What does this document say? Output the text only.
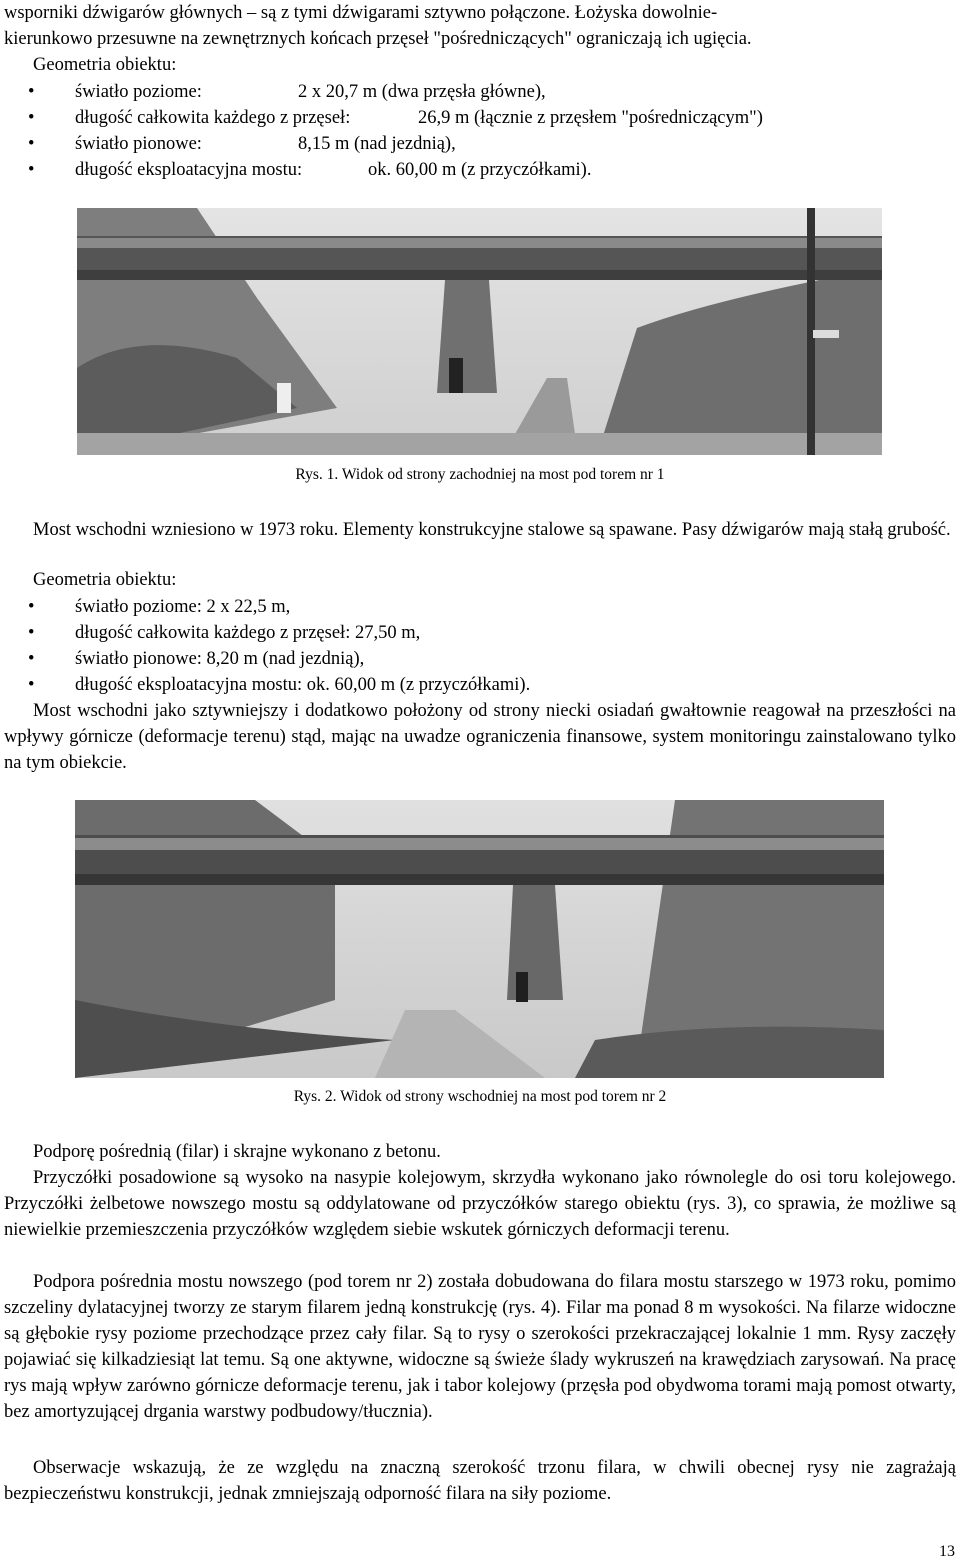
wsporniki dźwigarów głównych – są z tymi dźwigarami sztywno połączone. Łożyska dowolnie-
kierunkowo przesuwne na zewnętrznych końcach przęseł "pośredniczących" ograniczają ich ugięcia.
Geometria obiektu:
• światło poziome:	2 x 20,7 m (dwa przęsła główne),
• długość całkowita każdego z przęseł:	26,9 m (łącznie z przęsłem "pośredniczącym")
• światło pionowe:	8,15 m (nad jezdnią),
• długość eksploatacyjna mostu:	ok. 60,00 m (z przyczółkami).
Rys. 1. Widok od strony zachodniej na most pod torem nr 1
Most wschodni wzniesiono w 1973 roku. Elementy konstrukcyjne stalowe są spawane. Pasy dźwigarów mają stałą grubość.
Geometria obiektu:
• światło poziome: 2 x 22,5 m,
• długość całkowita każdego z przęseł: 27,50 m,
• światło pionowe: 8,20 m (nad jezdnią),
• długość eksploatacyjna mostu: ok. 60,00 m (z przyczółkami).
Most wschodni jako sztywniejszy i dodatkowo położony od strony niecki osiadań gwałtownie reagował na przeszłości na wpływy górnicze (deformacje terenu) stąd, mając na uwadze ograniczenia finansowe, system monitoringu zainstalowano tylko na tym obiekcie.
Rys. 2. Widok od strony wschodniej na most pod torem nr 2
Podporę pośrednią (filar) i skrajne wykonano z betonu.
Przyczółki posadowione są wysoko na nasypie kolejowym, skrzydła wykonano jako równolegle do osi toru kolejowego. Przyczółki żelbetowe nowszego mostu są oddylatowane od przyczółków starego obiektu (rys. 3), co sprawia, że możliwe są niewielkie przemieszczenia przyczółków względem siebie wskutek górniczych deformacji terenu.
Podpora pośrednia mostu nowszego (pod torem nr 2) została dobudowana do filara mostu starszego w 1973 roku, pomimo szczeliny dylatacyjnej tworzy ze starym filarem jedną konstrukcję (rys. 4). Filar ma ponad 8 m wysokości. Na filarze widoczne są głębokie rysy poziome przechodzące przez cały filar. Są to rysy o szerokości przekraczającej lokalnie 1 mm. Rysy zaczęły pojawiać się kilkadziesiąt lat temu. Są one aktywne, widoczne są świeże ślady wykruszeń na krawędziach zarysowań. Na pracę rys mają wpływ zarówno górnicze deformacje terenu, jak i tabor kolejowy (przęsła pod obydwoma torami mają pomost otwarty, bez amortyzującej drgania warstwy podbudowy/tłucznia).
Obserwacje wskazują, że ze względu na znaczną szerokość trzonu filara, w chwili obecnej rysy nie zagrażają bezpieczeństwu konstrukcji, jednak zmniejszają odporność filara na siły poziome.
13
